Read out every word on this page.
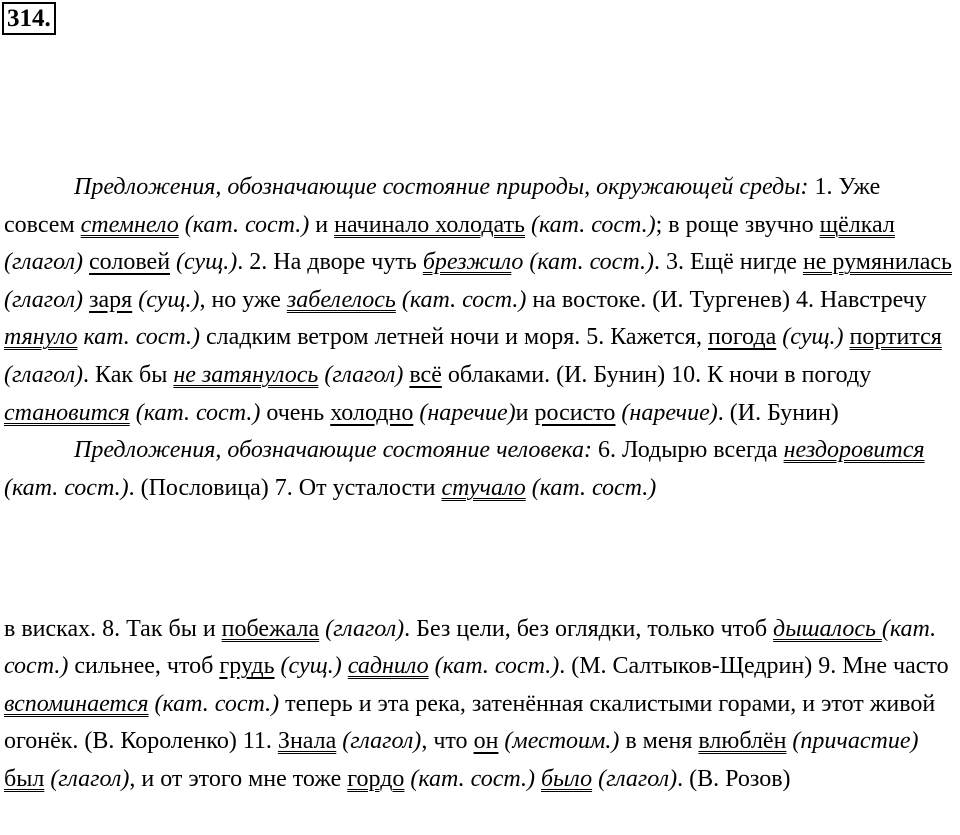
314.
Предложения, обозначающие состояние природы, окружающей среды: 1. Уже совсем стемнело (кат. сост.) и начинало холодать (кат. сост.); в роще звучно щёлкал (глагол) соловей (сущ.). 2. На дворе чуть брезжило (кат. сост.). 3. Ещё нигде не румянилась (глагол) заря (сущ.), но уже забелелось (кат. сост.) на востоке. (И. Тургенев) 4. Навстречу тянуло кат. сост.) сладким ветром летней ночи и моря. 5. Кажется, погода (сущ.) портится (глагол). Как бы не затянулось (глагол) всё облаками. (И. Бунин) 10. К ночи в погоду становится (кат. сост.) очень холодно (наречие)и росисто (наречие). (И. Бунин)
Предложения, обозначающие состояние человека: 6. Лодырю всегда нездоровится (кат. сост.). (Пословица) 7. От усталости стучало (кат. сост.)
в висках. 8. Так бы и побежала (глагол). Без цели, без оглядки, только чтоб дышалось (кат. сост.) сильнее, чтоб грудь (сущ.) саднило (кат. сост.). (М. Салтыков-Щедрин) 9. Мне часто вспоминается (кат. сост.) теперь и эта река, затенённая скалистыми горами, и этот живой огонёк. (В. Короленко) 11. Знала (глагол), что он (местоим.) в меня влюблён (причастие) был (глагол), и от этого мне тоже гордо (кат. сост.) было (глагол). (В. Розов)
